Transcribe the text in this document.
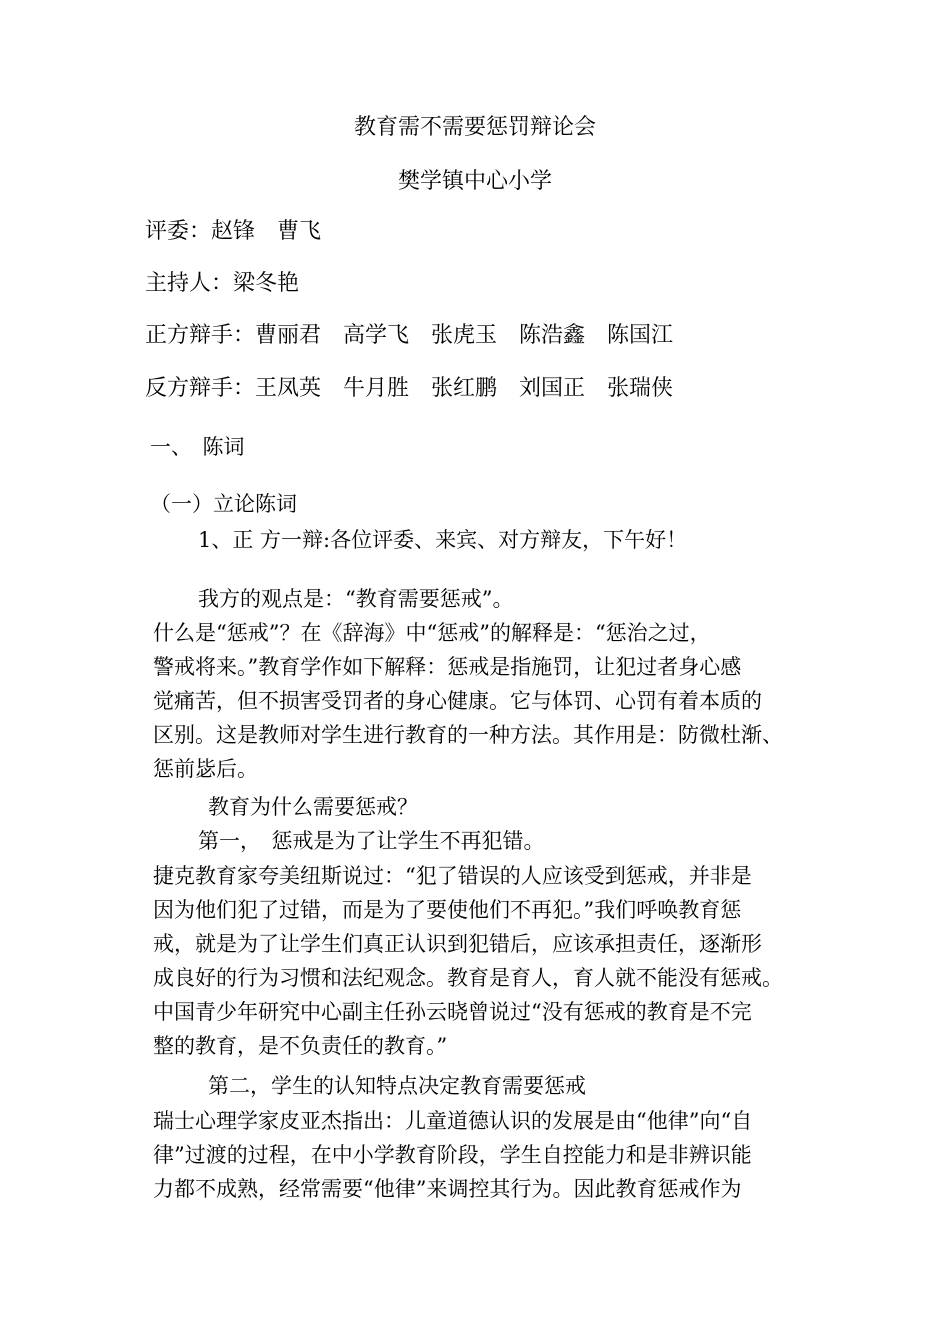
教育需不需要惩罚辩论会
樊学镇中心小学
评委：赵锋　曹飞
主持人：梁冬艳
正方辩手：曹丽君　高学飞　张虎玉　陈浩鑫　陈国江
反方辩手：王凤英　牛月胜　张红鹏　刘国正　张瑞侠
一、　陈词
（一）立论陈词
1、正 方一辩:各位评委、来宾、对方辩友，下午好！
我方的观点是：“教育需要惩戒”。

什么是“惩戒”？在《辞海》中“惩戒”的解释是：“惩治之过，
警戒将来。”教育学作如下解释：惩戒是指施罚，让犯过者身心感
觉痛苦，但不损害受罚者的身心健康。它与体罚、心罚有着本质的
区别。这是教师对学生进行教育的一种方法。其作用是：防微杜渐、
惩前毖后。

教育为什么需要惩戒？
第一，　惩戒是为了让学生不再犯错。

捷克教育家夸美纽斯说过：“犯了错误的人应该受到惩戒，并非是
因为他们犯了过错，而是为了要使他们不再犯。”我们呼唤教育惩
戒，就是为了让学生们真正认识到犯错后，应该承担责任，逐渐形
成良好的行为习惯和法纪观念。教育是育人，育人就不能没有惩戒。
中国青少年研究中心副主任孙云晓曾说过“没有惩戒的教育是不完
整的教育，是不负责任的教育。”

第二，学生的认知特点决定教育需要惩戒

瑞士心理学家皮亚杰指出：儿童道德认识的发展是由“他律”向“自
律”过渡的过程，在中小学教育阶段，学生自控能力和是非辨识能
力都不成熟，经常需要“他律”来调控其行为。因此教育惩戒作为
